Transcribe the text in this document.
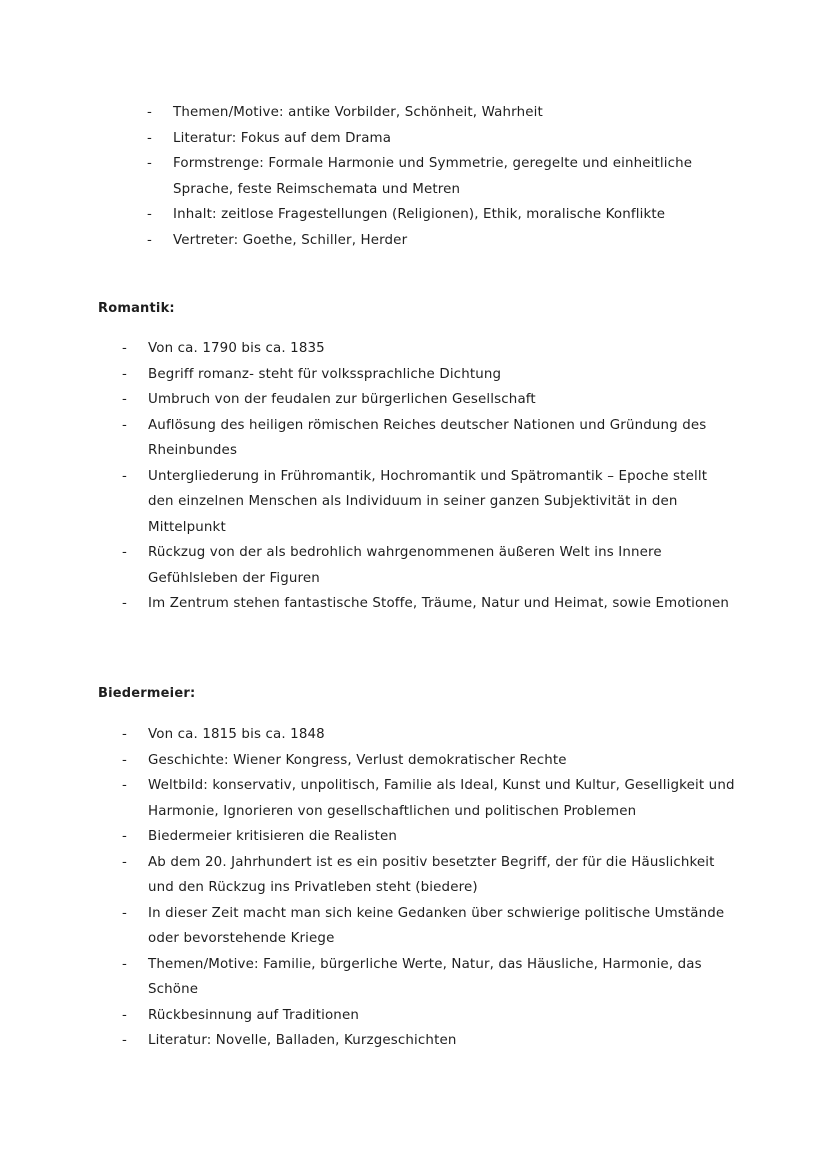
- Themen/Motive: antike Vorbilder, Schönheit, Wahrheit
- Literatur: Fokus auf dem Drama
- Formstrenge: Formale Harmonie und Symmetrie, geregelte und einheitliche Sprache, feste Reimschemata und Metren
- Inhalt: zeitlose Fragestellungen (Religionen), Ethik, moralische Konflikte
- Vertreter: Goethe, Schiller, Herder
Romantik:
- Von ca. 1790 bis ca. 1835
- Begriff romanz- steht für volkssprachliche Dichtung
- Umbruch von der feudalen zur bürgerlichen Gesellschaft
- Auflösung des heiligen römischen Reiches deutscher Nationen und Gründung des Rheinbundes
- Untergliederung in Frühromantik, Hochromantik und Spätromantik – Epoche stellt den einzelnen Menschen als Individuum in seiner ganzen Subjektivität in den Mittelpunkt
- Rückzug von der als bedrohlich wahrgenommenen äußeren Welt ins Innere Gefühlsleben der Figuren
- Im Zentrum stehen fantastische Stoffe, Träume, Natur und Heimat, sowie Emotionen
Biedermeier:
- Von ca. 1815 bis ca. 1848
- Geschichte: Wiener Kongress, Verlust demokratischer Rechte
- Weltbild: konservativ, unpolitisch, Familie als Ideal, Kunst und Kultur, Geselligkeit und Harmonie, Ignorieren von gesellschaftlichen und politischen Problemen
- Biedermeier kritisieren die Realisten
- Ab dem 20. Jahrhundert ist es ein positiv besetzter Begriff, der für die Häuslichkeit und den Rückzug ins Privatleben steht (biedere)
- In dieser Zeit macht man sich keine Gedanken über schwierige politische Umstände oder bevorstehende Kriege
- Themen/Motive: Familie, bürgerliche Werte, Natur, das Häusliche, Harmonie, das Schöne
- Rückbesinnung auf Traditionen
- Literatur: Novelle, Balladen, Kurzgeschichten
